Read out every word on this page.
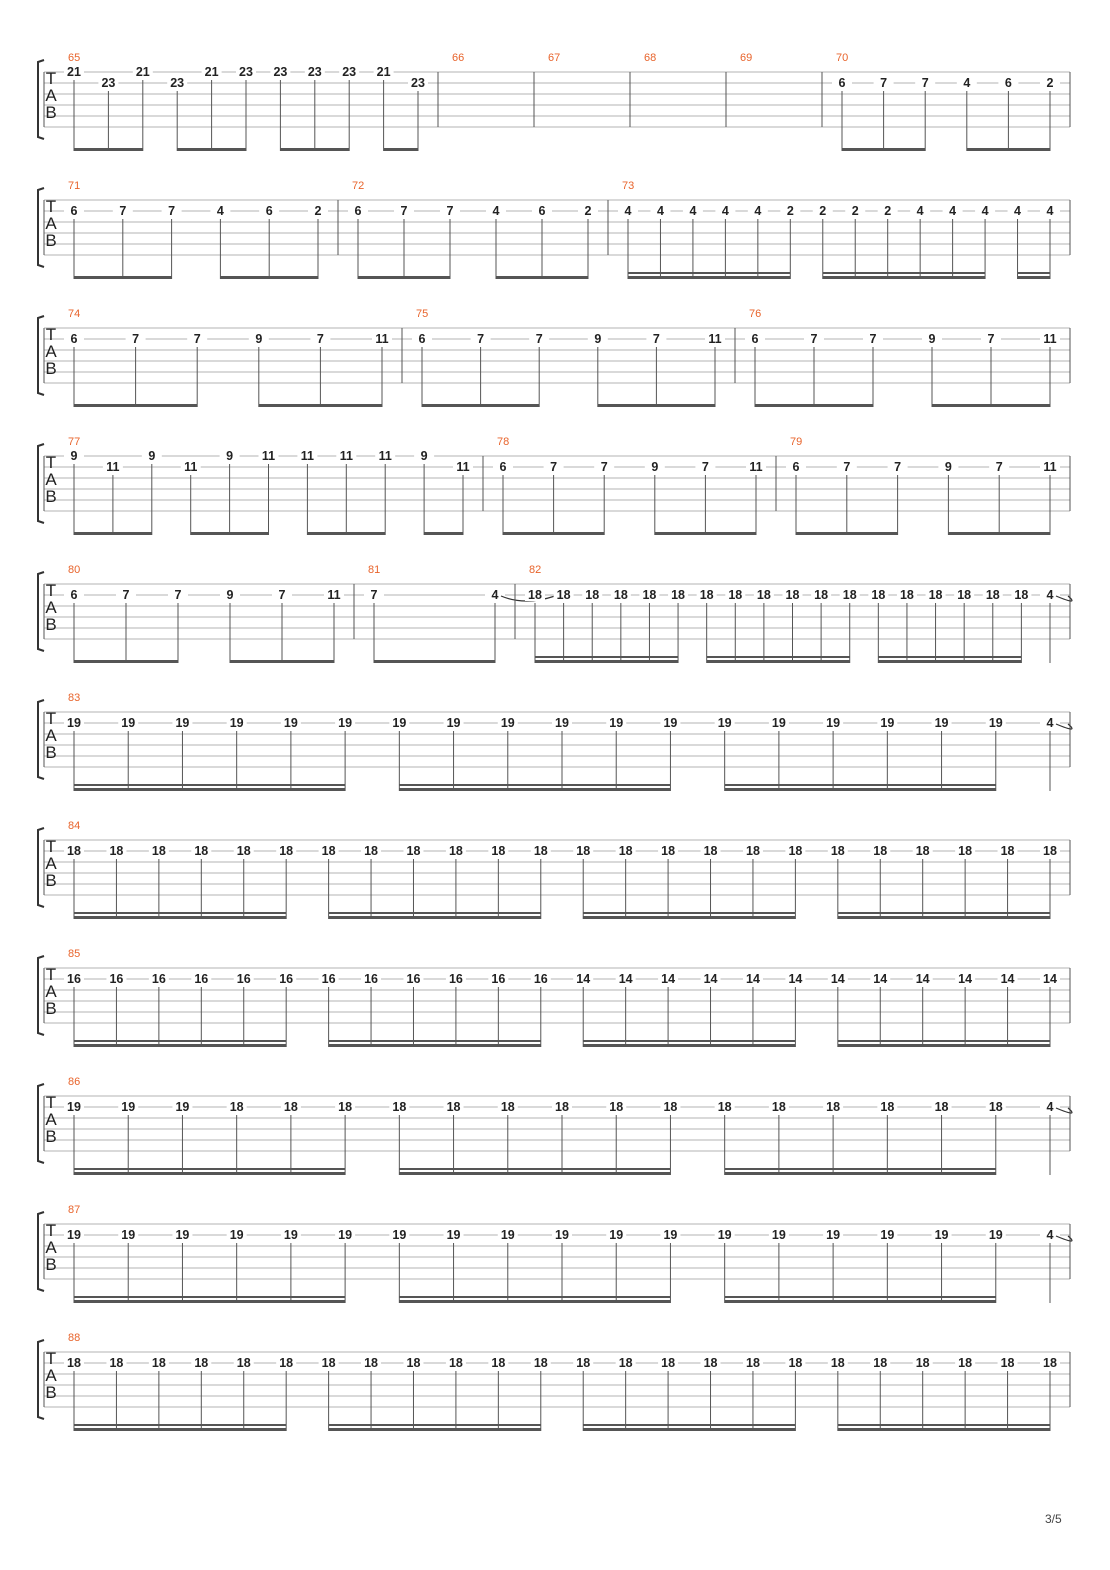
T
A
B
65
21
23
21
23
21 23 23 23 23 21
23
66	67	68	69	70
6	7	7	4	6	2
T
A
B
71
6	7	7	4	6	2
72
6	7	7	4	6	2
73
4 4 4 4 4 2 2 2 2 4 4 4 4 4
T
A
B
74
6	7	7	9	7	11
75
6	7	7	9	7	11
76
6	7	7	9	7	11
T
A
B
77
9
11
9
11
9 11 11 11 11 9
11
78
6	7	7	9	7	11
79
6	7	7	9	7	11
T
A
B
80
6	7	7	9	7	11
81
7	4
82
18 18 18 18 18 18 18 18 18 18 18 18 18 18 18 18 18 18 4
T
A
B
83
19	19	19	19	19	19	19	19	19	19	19	19	19	19	19	19	19	19	4
T
A
B
84
18 18 18 18 18 18 18 18 18 18 18 18 18 18 18 18 18 18 18 18 18 18 18 18
T
A
B
85
16 16 16 16 16 16 16 16 16 16 16 16 14 14 14 14 14 14 14 14 14 14 14 14
T
A
B
86
19	19	19	18	18	18	18	18	18	18	18	18	18	18	18	18	18	18	4
T
A
B
87
19	19	19	19	19	19	19	19	19	19	19	19	19	19	19	19	19	19	4
T
A
B
88
18 18 18 18 18 18 18 18 18 18 18 18 18 18 18 18 18 18 18 18 18 18 18 18
3/5
